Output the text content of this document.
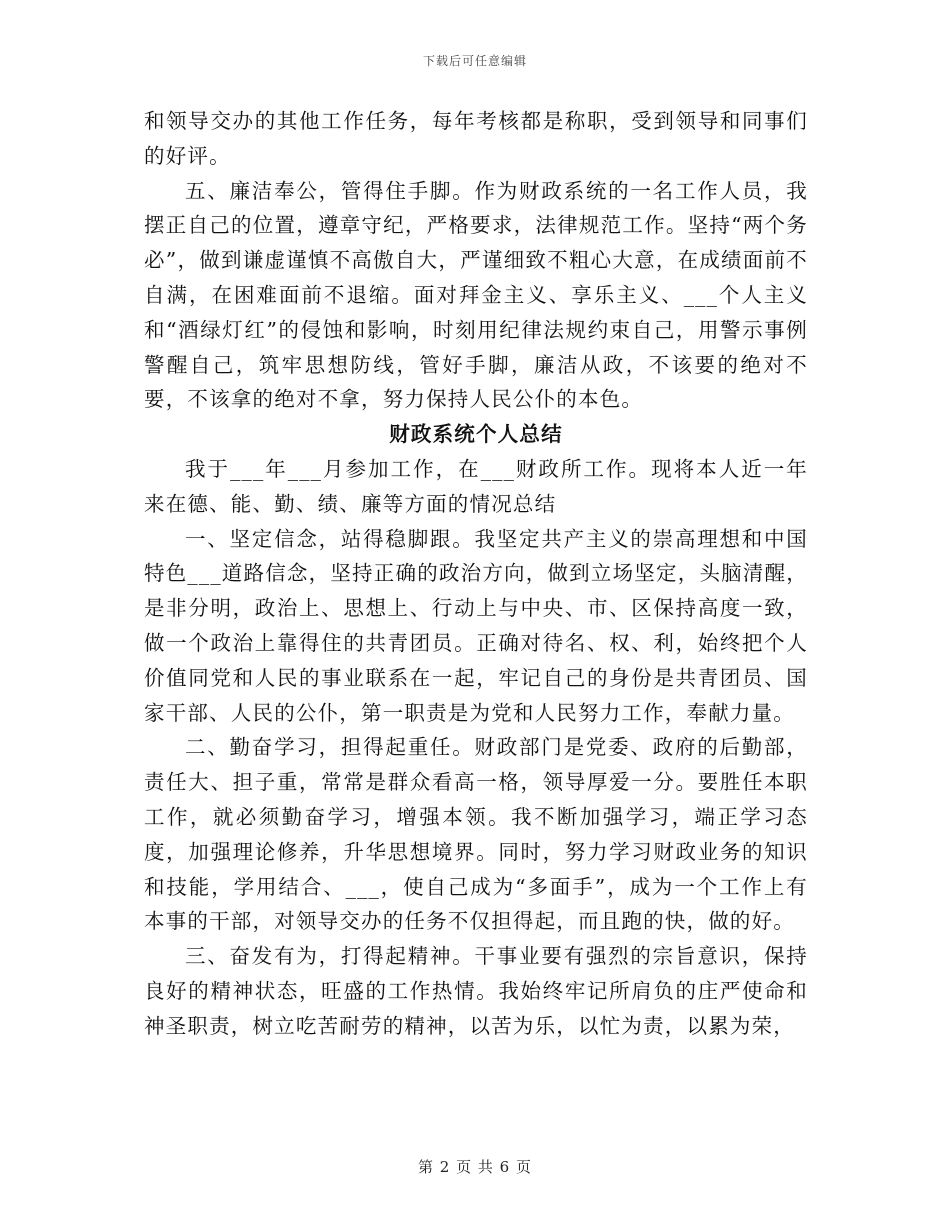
下载后可任意编辑

和领导交办的其他工作任务，每年考核都是称职，受到领导和同事们的好评。

五、廉洁奉公，管得住手脚。作为财政系统的一名工作人员，我摆正自己的位置，遵章守纪，严格要求，法律规范工作。坚持“两个务必”，做到谦虚谨慎不高傲自大，严谨细致不粗心大意，在成绩面前不自满，在困难面前不退缩。面对拜金主义、享乐主义、___个人主义和“酒绿灯红”的侵蚀和影响，时刻用纪律法规约束自己，用警示事例警醒自己，筑牢思想防线，管好手脚，廉洁从政，不该要的绝对不要，不该拿的绝对不拿，努力保持人民公仆的本色。

财政系统个人总结

我于___年___月参加工作，在___财政所工作。现将本人近一年来在德、能、勤、绩、廉等方面的情况总结

一、坚定信念，站得稳脚跟。我坚定共产主义的崇高理想和中国特色___道路信念，坚持正确的政治方向，做到立场坚定，头脑清醒，是非分明，政治上、思想上、行动上与中央、市、区保持高度一致，做一个政治上靠得住的共青团员。正确对待名、权、利，始终把个人价值同党和人民的事业联系在一起，牢记自己的身份是共青团员、国家干部、人民的公仆，第一职责是为党和人民努力工作，奉献力量。

二、勤奋学习，担得起重任。财政部门是党委、政府的后勤部，责任大、担子重，常常是群众看高一格，领导厚爱一分。要胜任本职工作，就必须勤奋学习，增强本领。我不断加强学习，端正学习态度，加强理论修养，升华思想境界。同时，努力学习财政业务的知识和技能，学用结合、___，使自己成为“多面手”，成为一个工作上有本事的干部，对领导交办的任务不仅担得起，而且跑的快，做的好。

三、奋发有为，打得起精神。干事业要有强烈的宗旨意识，保持良好的精神状态，旺盛的工作热情。我始终牢记所肩负的庄严使命和神圣职责，树立吃苦耐劳的精神，以苦为乐，以忙为责，以累为荣，

第 2 页 共 6 页
